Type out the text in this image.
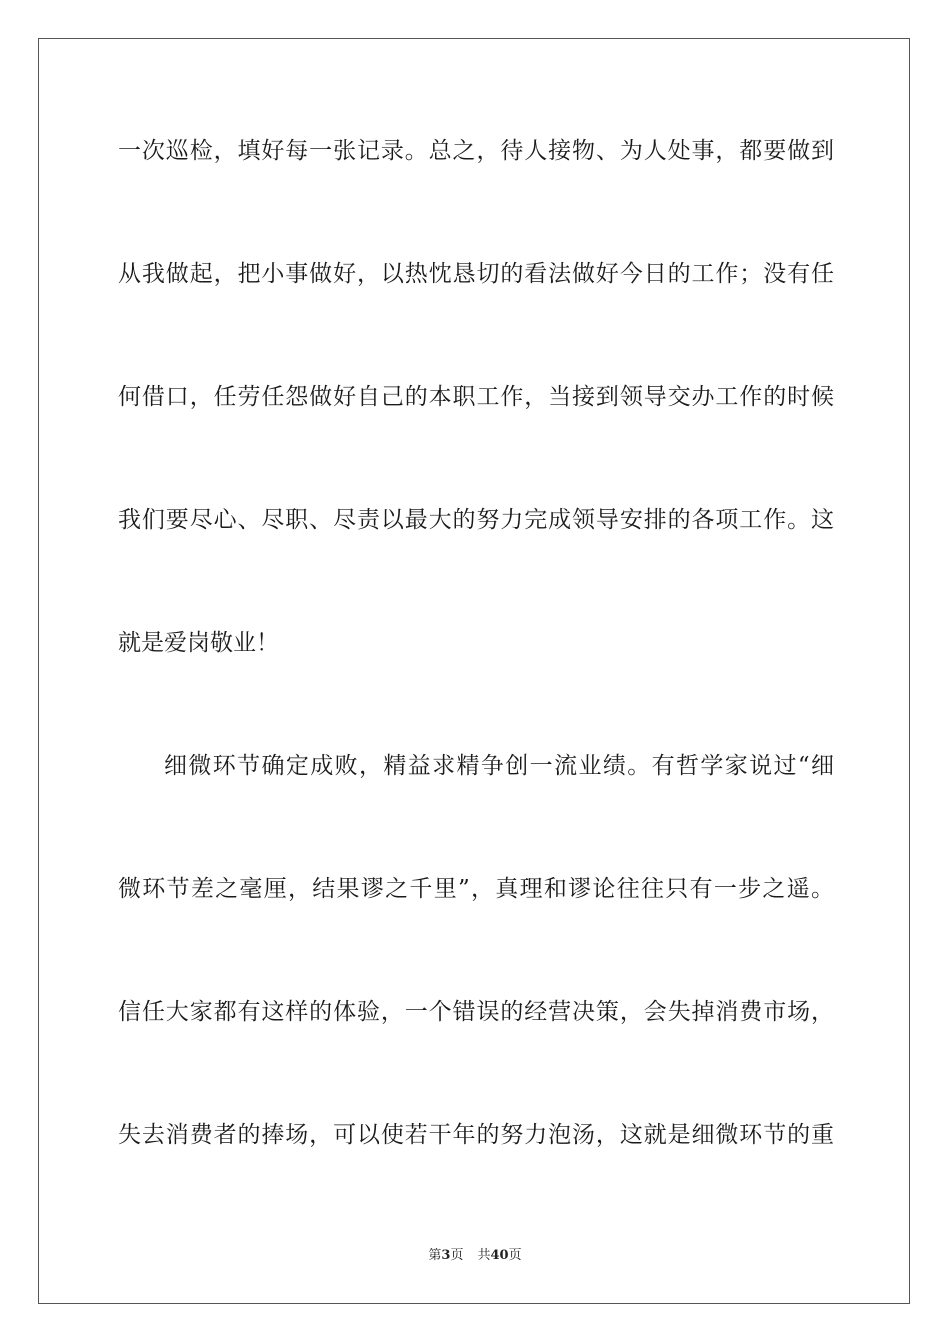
一次巡检，填好每一张记录。总之，待人接物、为人处事，都要做到
从我做起，把小事做好，以热忱恳切的看法做好今日的工作；没有任
何借口，任劳任怨做好自己的本职工作，当接到领导交办工作的时候
我们要尽心、尽职、尽责以最大的努力完成领导安排的各项工作。这
就是爱岗敬业！
细微环节确定成败，精益求精争创一流业绩。有哲学家说过“细
微环节差之毫厘，结果谬之千里”，真理和谬论往往只有一步之遥。
信任大家都有这样的体验，一个错误的经营决策，会失掉消费市场，
失去消费者的捧场，可以使若干年的努力泡汤，这就是细微环节的重
第3页 共40页
